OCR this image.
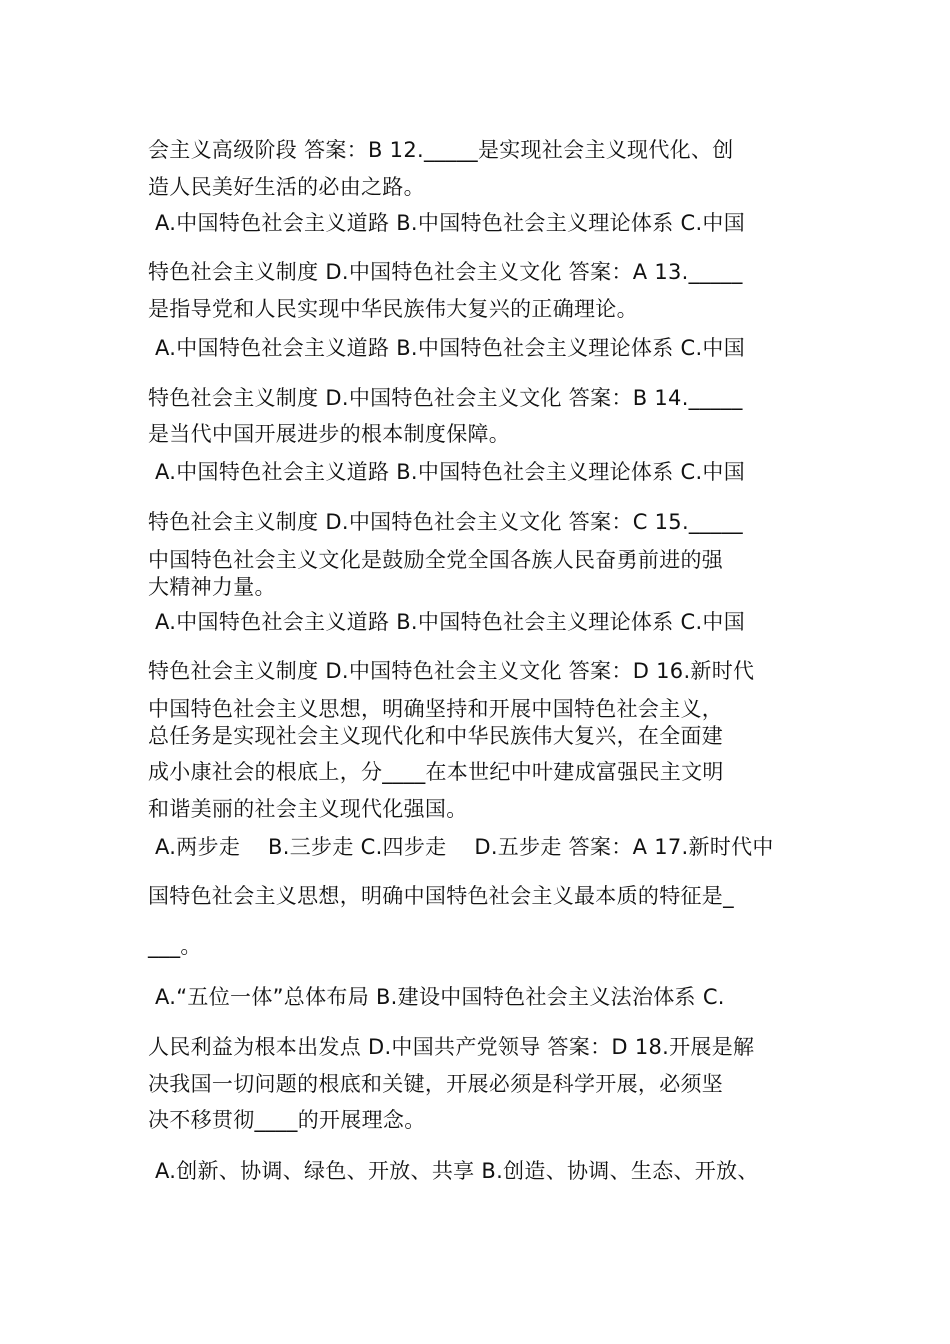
会主义高级阶段 答案：B 12._____是实现社会主义现代化、创
造人民美好生活的必由之路。
A.中国特色社会主义道路 B.中国特色社会主义理论体系 C.中国
特色社会主义制度 D.中国特色社会主义文化 答案：A 13._____
是指导党和人民实现中华民族伟大复兴的正确理论。
A.中国特色社会主义道路 B.中国特色社会主义理论体系 C.中国
特色社会主义制度 D.中国特色社会主义文化 答案：B 14._____
是当代中国开展进步的根本制度保障。
A.中国特色社会主义道路 B.中国特色社会主义理论体系 C.中国
特色社会主义制度 D.中国特色社会主义文化 答案：C 15._____
中国特色社会主义文化是鼓励全党全国各族人民奋勇前进的强
大精神力量。
A.中国特色社会主义道路 B.中国特色社会主义理论体系 C.中国
特色社会主义制度 D.中国特色社会主义文化 答案：D 16.新时代
中国特色社会主义思想，明确坚持和开展中国特色社会主义，
总任务是实现社会主义现代化和中华民族伟大复兴，在全面建
成小康社会的根底上，分____在本世纪中叶建成富强民主文明
和谐美丽的社会主义现代化强国。
A.两步走    B.三步走 C.四步走    D.五步走 答案：A 17.新时代中
国特色社会主义思想，明确中国特色社会主义最本质的特征是_
___。
A.“五位一体”总体布局 B.建设中国特色社会主义法治体系 C.
人民利益为根本出发点 D.中国共产党领导 答案：D 18.开展是解
决我国一切问题的根底和关键，开展必须是科学开展，必须坚
决不移贯彻____的开展理念。
A.创新、协调、绿色、开放、共享 B.创造、协调、生态、开放、
